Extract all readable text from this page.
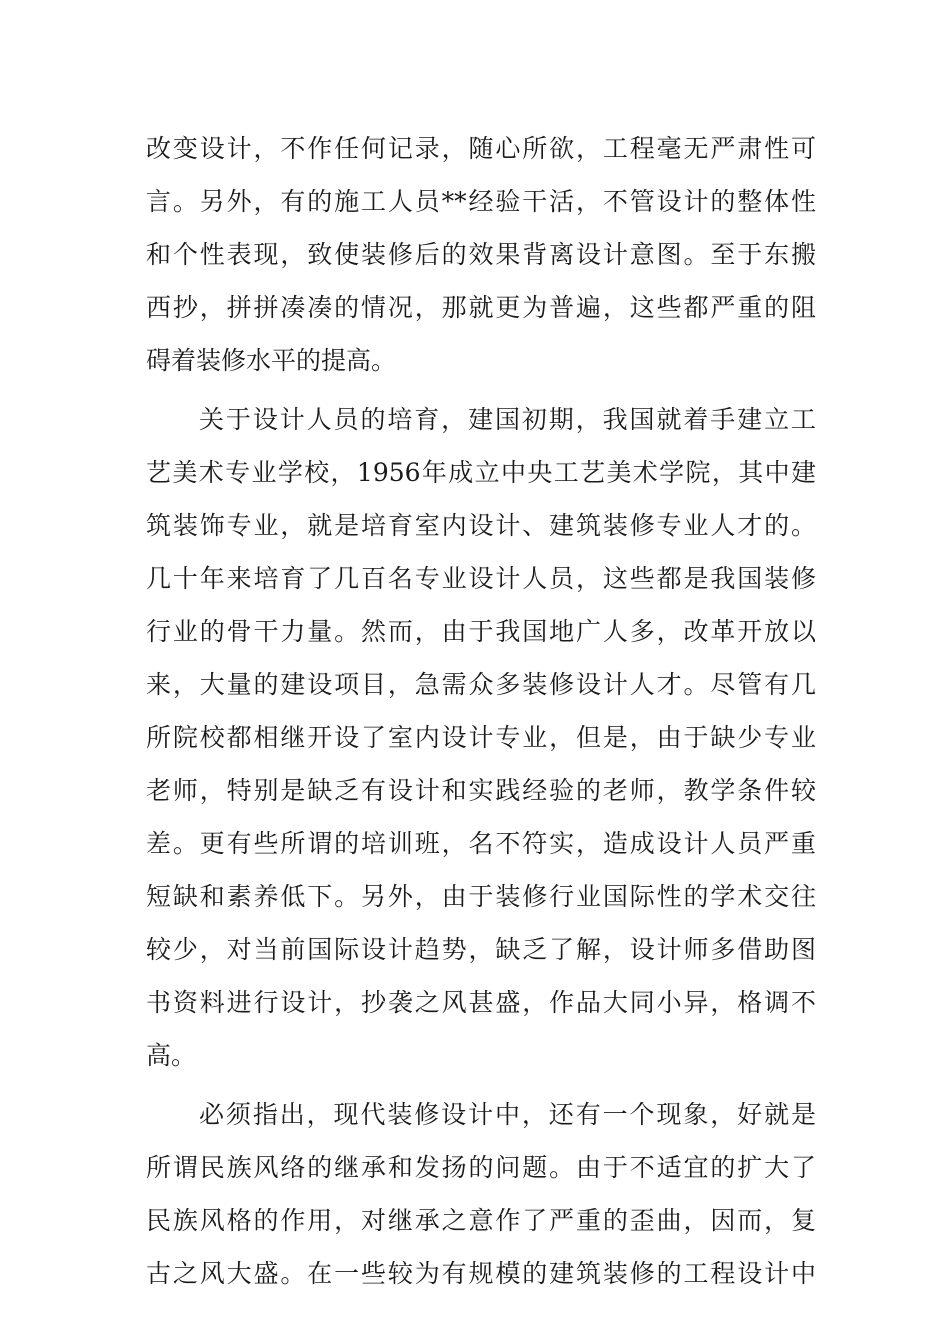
改变设计，不作任何记录，随心所欲，工程毫无严肃性可
言。另外，有的施工人员**经验干活，不管设计的整体性
和个性表现，致使装修后的效果背离设计意图。至于东搬
西抄，拼拼凑凑的情况，那就更为普遍，这些都严重的阻
碍着装修水平的提高。
关于设计人员的培育，建国初期，我国就着手建立工
艺美术专业学校，1956年成立中央工艺美术学院，其中建
筑装饰专业，就是培育室内设计、建筑装修专业人才的。
几十年来培育了几百名专业设计人员，这些都是我国装修
行业的骨干力量。然而，由于我国地广人多，改革开放以
来，大量的建设项目，急需众多装修设计人才。尽管有几
所院校都相继开设了室内设计专业，但是，由于缺少专业
老师，特别是缺乏有设计和实践经验的老师，教学条件较
差。更有些所谓的培训班，名不符实，造成设计人员严重
短缺和素养低下。另外，由于装修行业国际性的学术交往
较少，对当前国际设计趋势，缺乏了解，设计师多借助图
书资料进行设计，抄袭之风甚盛，作品大同小异，格调不
高。
必须指出，现代装修设计中，还有一个现象，好就是
所谓民族风络的继承和发扬的问题。由于不适宜的扩大了
民族风格的作用，对继承之意作了严重的歪曲，因而，复
古之风大盛。在一些较为有规模的建筑装修的工程设计中
